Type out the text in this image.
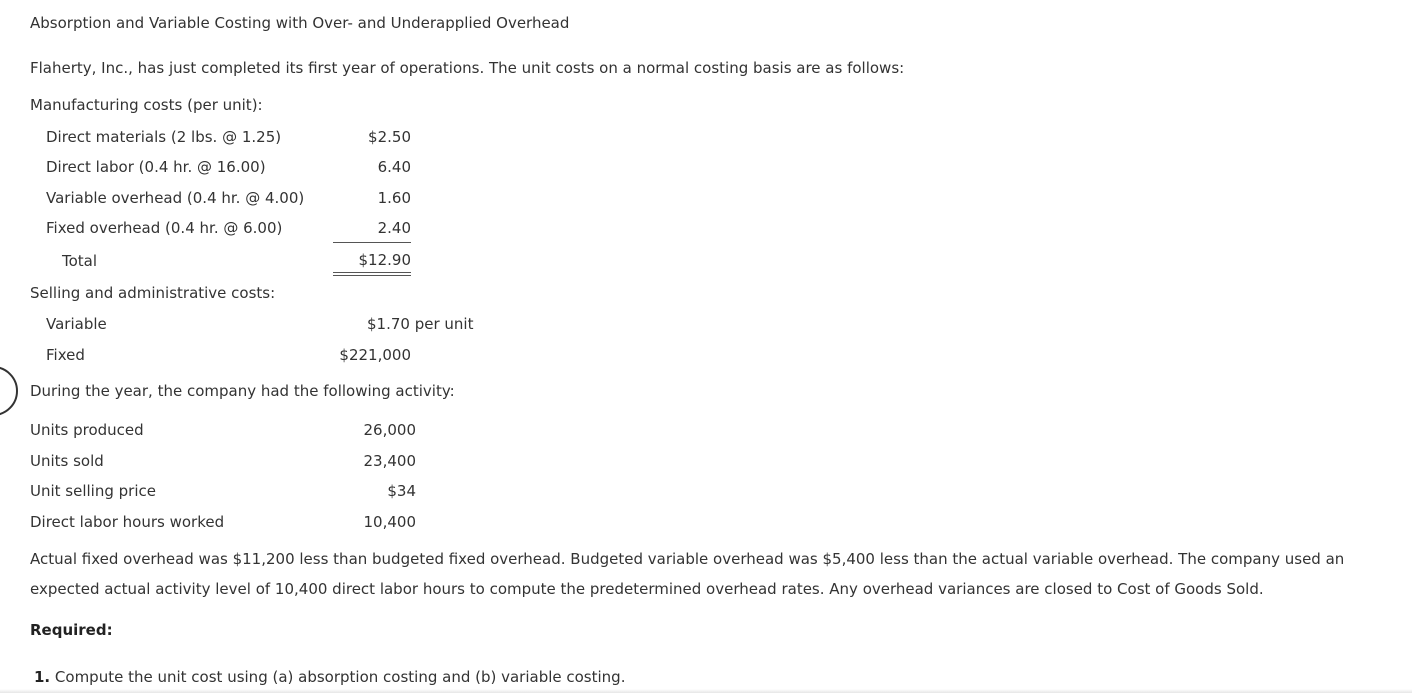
Absorption and Variable Costing with Over- and Underapplied Overhead
Flaherty, Inc., has just completed its first year of operations. The unit costs on a normal costing basis are as follows:
Manufacturing costs (per unit):
Direct materials (2 lbs. @ 1.25)	$2.50
Direct labor (0.4 hr. @ 16.00)	6.40
Variable overhead (0.4 hr. @ 4.00)	1.60
Fixed overhead (0.4 hr. @ 6.00)	2.40
Total	$12.90
Selling and administrative costs:
Variable	$1.70 per unit
Fixed	$221,000
During the year, the company had the following activity:
Units produced	26,000
Units sold	23,400
Unit selling price	$34
Direct labor hours worked	10,400
Actual fixed overhead was $11,200 less than budgeted fixed overhead. Budgeted variable overhead was $5,400 less than the actual variable overhead. The company used an
expected actual activity level of 10,400 direct labor hours to compute the predetermined overhead rates. Any overhead variances are closed to Cost of Goods Sold.
Required:
1. Compute the unit cost using (a) absorption costing and (b) variable costing.
